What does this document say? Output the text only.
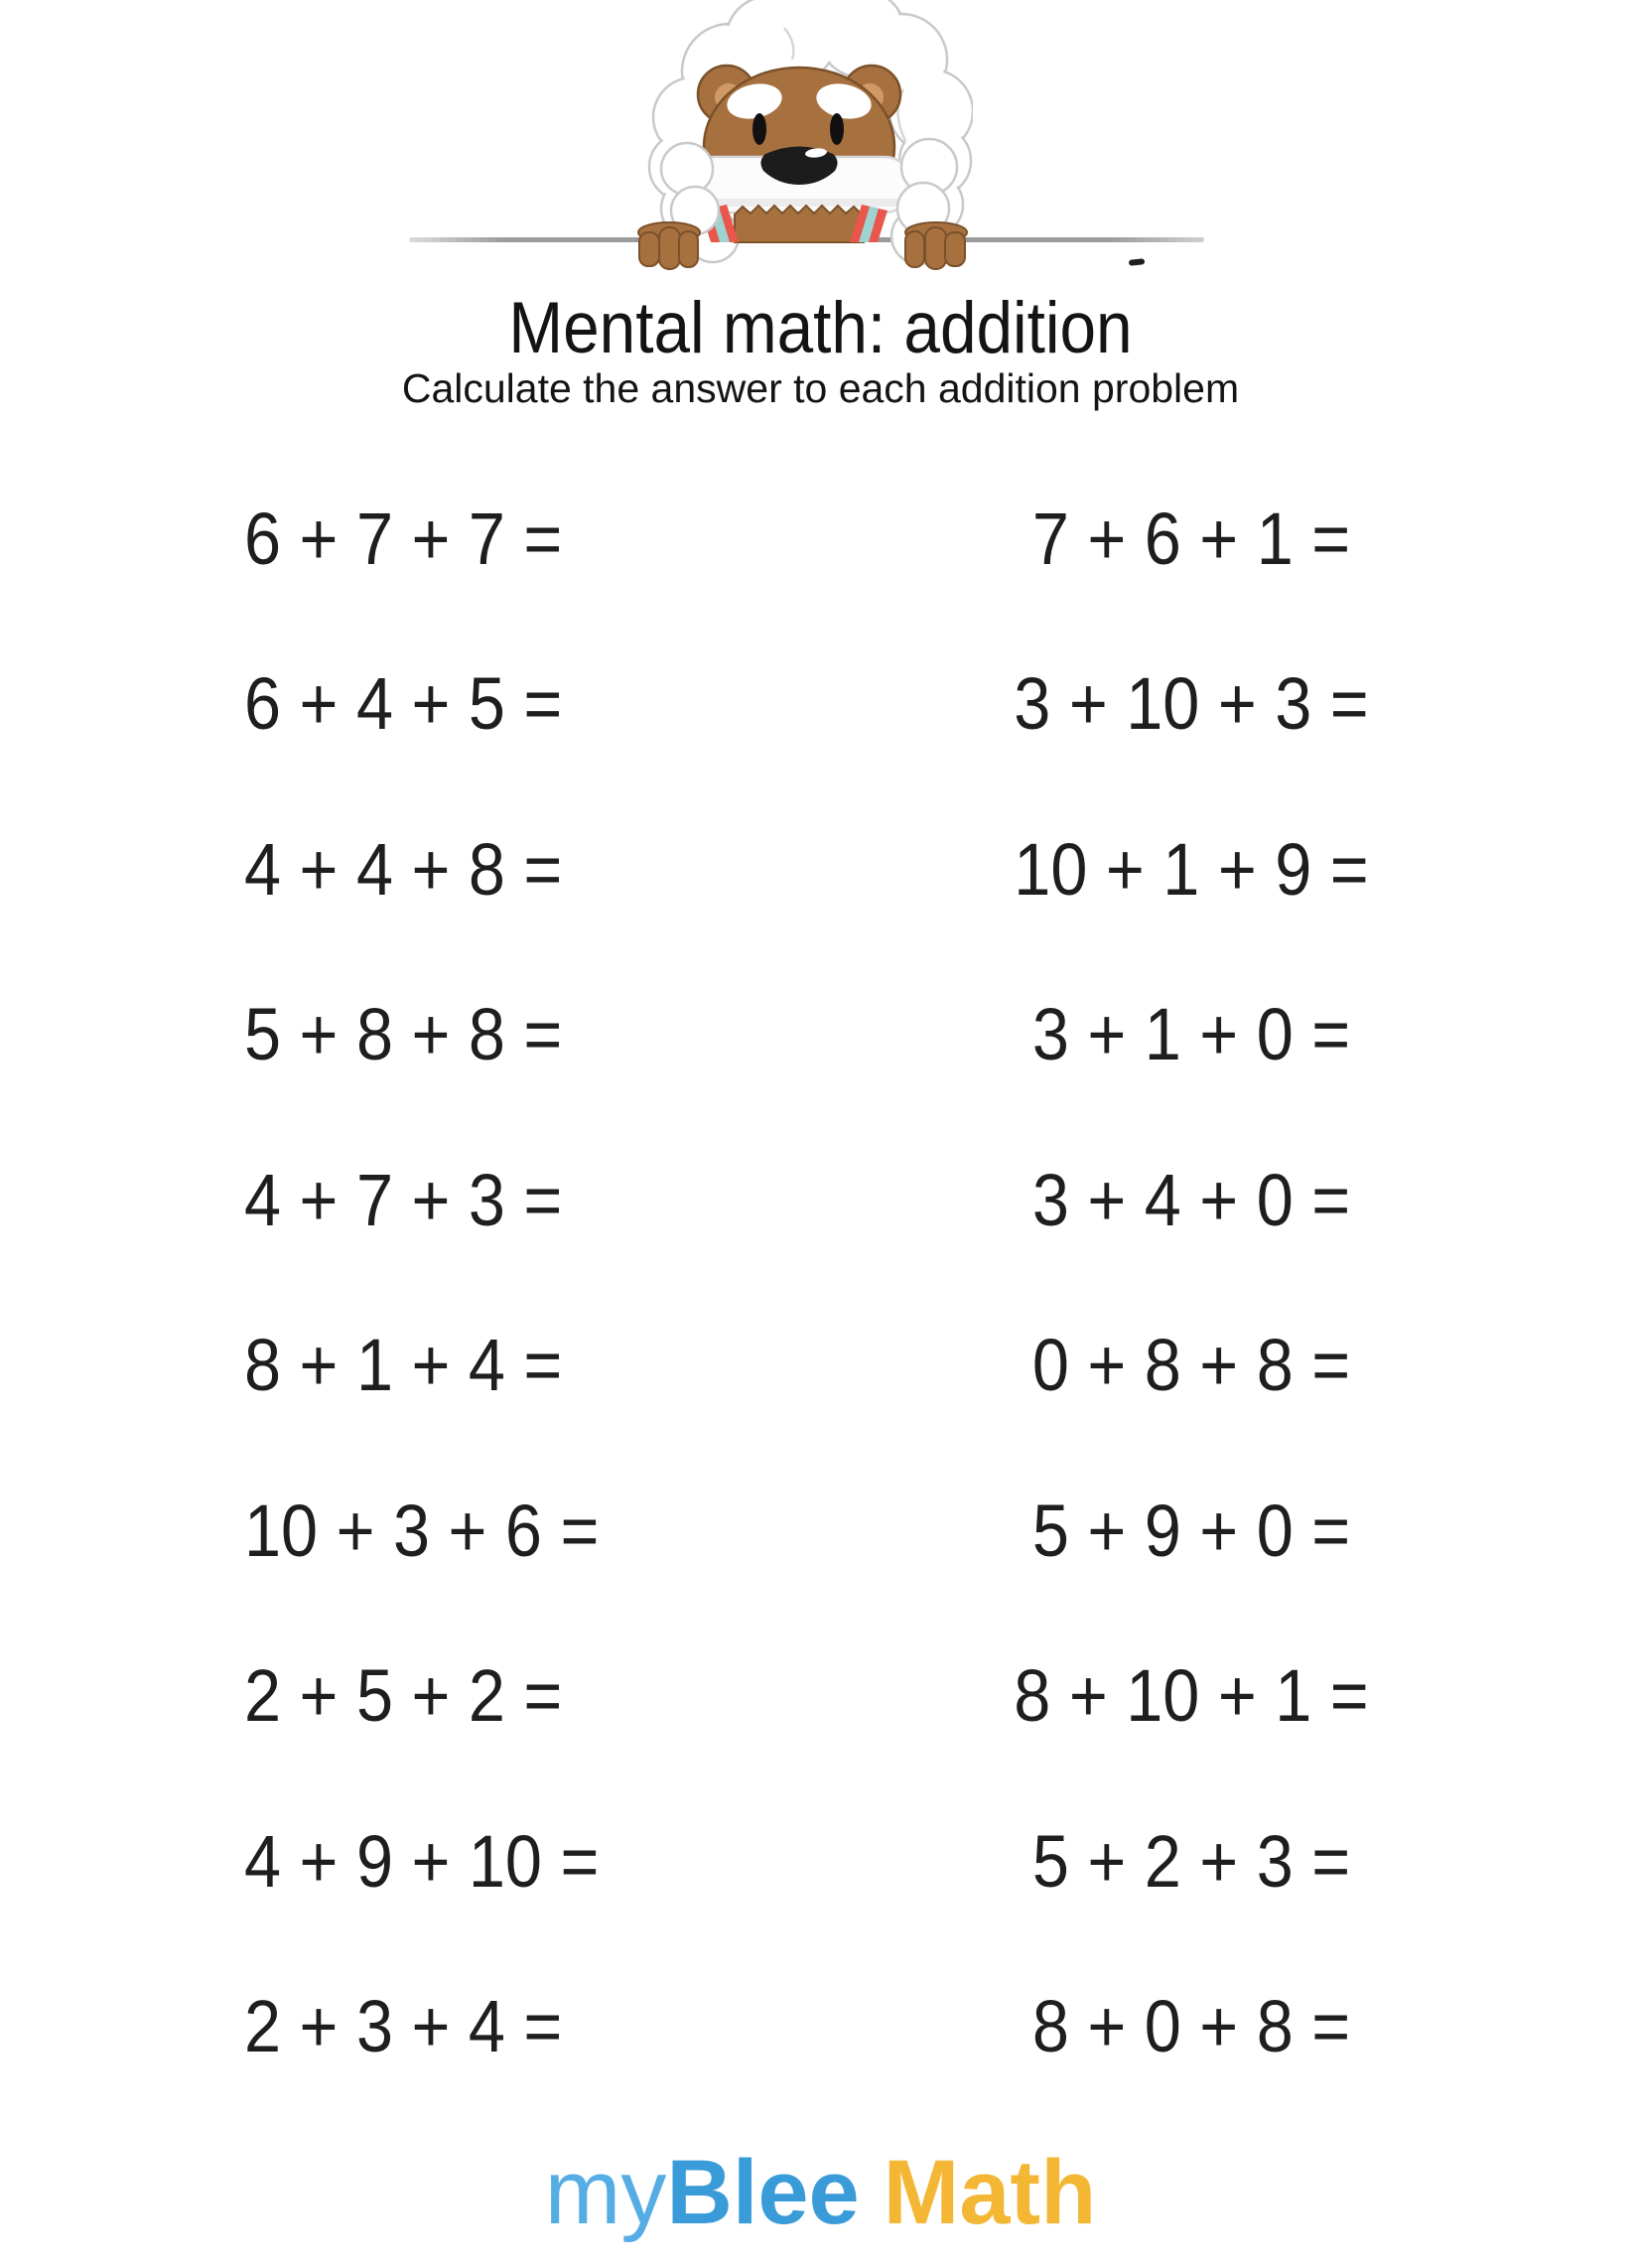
Mental math: addition
Calculate the answer to each addition problem
6 + 7 + 7 =	7 + 6 + 1 =
6 + 4 + 5 =	3 + 10 + 3 =
4 + 4 + 8 =	10 + 1 + 9 =
5 + 8 + 8 =	3 + 1 + 0 =
4 + 7 + 3 =	3 + 4 + 0 =
8 + 1 + 4 =	0 + 8 + 8 =
10 + 3 + 6 =	5 + 9 + 0 =
2 + 5 + 2 =	8 + 10 + 1 =
4 + 9 + 10 =	5 + 2 + 3 =
2 + 3 + 4 =	8 + 0 + 8 =
myBlee Math
